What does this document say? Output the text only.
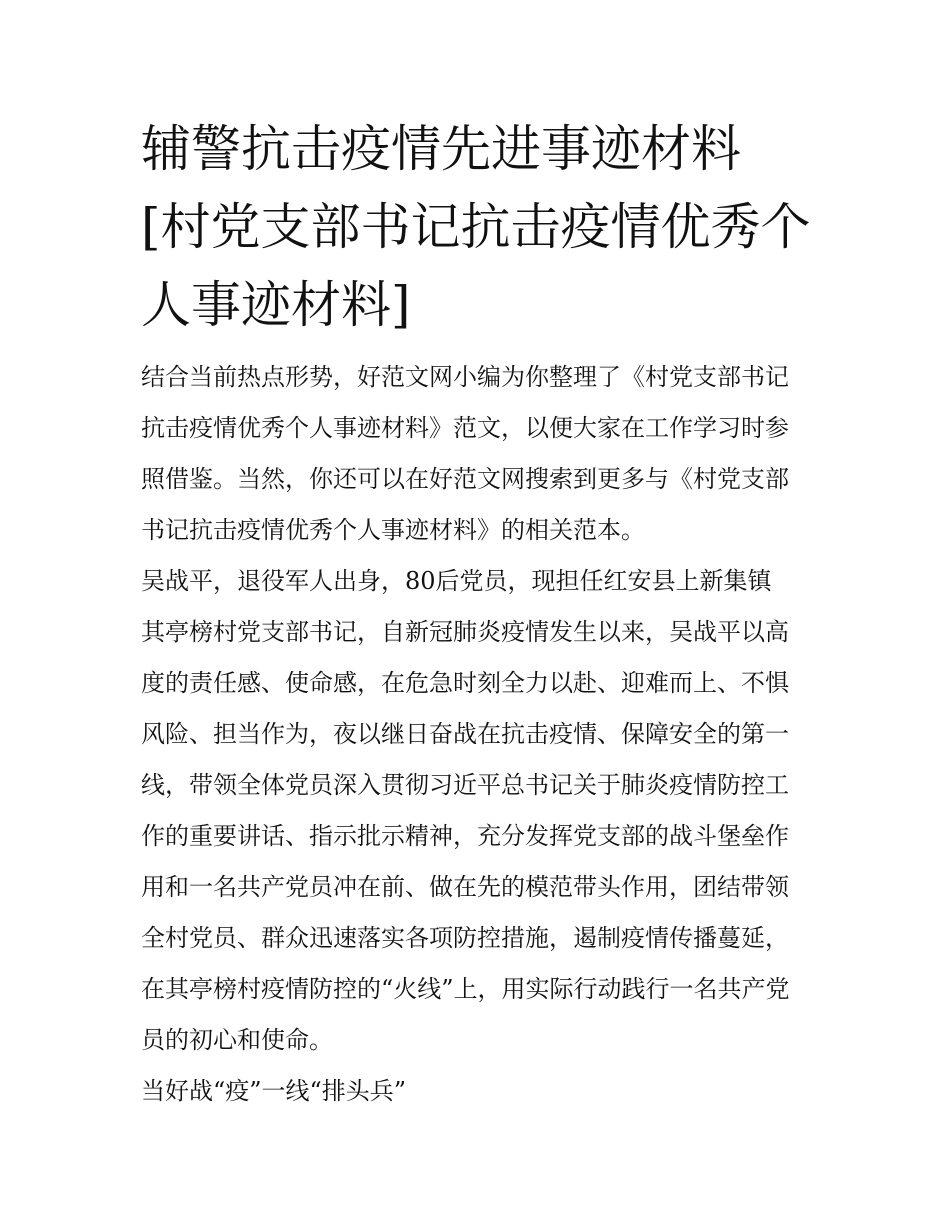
辅警抗击疫情先进事迹材料
[村党支部书记抗击疫情优秀个
人事迹材料]

结合当前热点形势，好范文网小编为你整理了《村党支部书记
抗击疫情优秀个人事迹材料》范文，以便大家在工作学习时参
照借鉴。当然，你还可以在好范文网搜索到更多与《村党支部
书记抗击疫情优秀个人事迹材料》的相关范本。

吴战平，退役军人出身，80后党员，现担任红安县上新集镇
其亭榜村党支部书记，自新冠肺炎疫情发生以来，吴战平以高
度的责任感、使命感，在危急时刻全力以赴、迎难而上、不惧
风险、担当作为，夜以继日奋战在抗击疫情、保障安全的第一
线，带领全体党员深入贯彻习近平总书记关于肺炎疫情防控工
作的重要讲话、指示批示精神，充分发挥党支部的战斗堡垒作
用和一名共产党员冲在前、做在先的模范带头作用，团结带领
全村党员、群众迅速落实各项防控措施，遏制疫情传播蔓延，
在其亭榜村疫情防控的“火线”上，用实际行动践行一名共产党
员的初心和使命。

当好战“疫”一线“排头兵”
